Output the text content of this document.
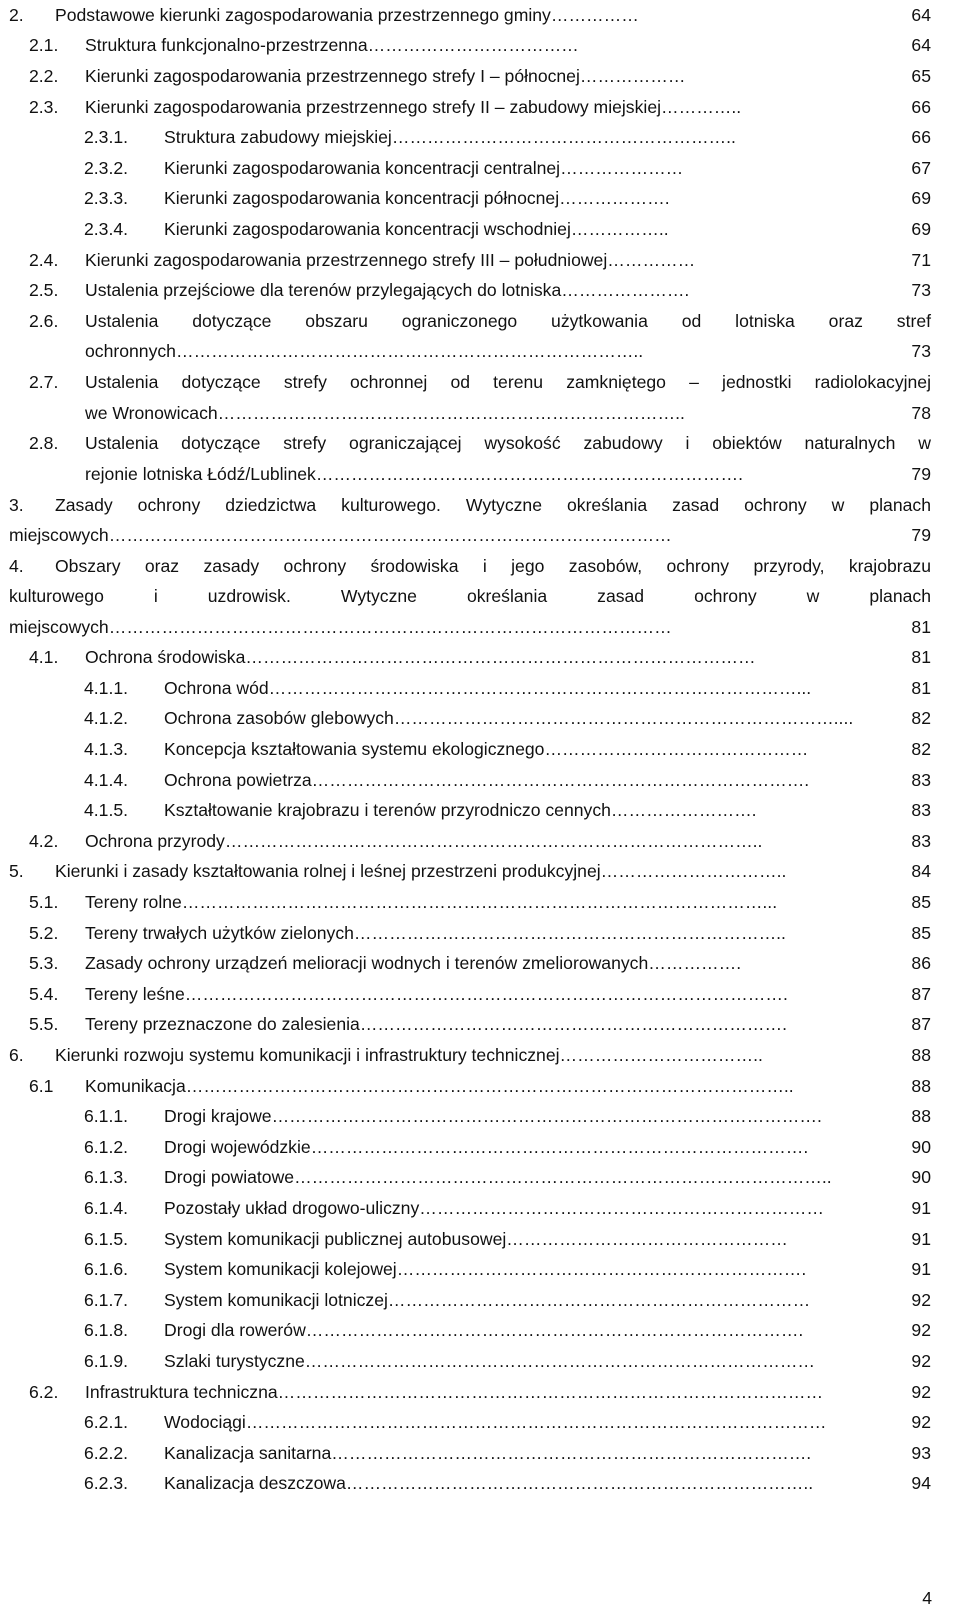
2.	Podstawowe kierunki zagospodarowania przestrzennego gminy ……………	64
2.1.	Struktura funkcjonalno-przestrzenna ………………………………	64
2.2.	Kierunki zagospodarowania przestrzennego strefy I – północnej ………………	65
2.3.	Kierunki zagospodarowania przestrzennego strefy II – zabudowy miejskiej …………..	66
2.3.1.	Struktura zabudowy miejskiej …………………………………………………..	66
2.3.2.	Kierunki zagospodarowania koncentracji centralnej …………………	67
2.3.3.	Kierunki zagospodarowania koncentracji północnej ……………….	69
2.3.4.	Kierunki zagospodarowania koncentracji wschodniej ……………..	69
2.4.	Kierunki zagospodarowania przestrzennego strefy III – południowej ……………	71
2.5.	Ustalenia przejściowe dla terenów przylegających do lotniska ………………….	73
2.6. Ustalenia dotyczące obszaru ograniczonego użytkowania od lotniska oraz stref
ochronnych ……………………………………………………………………..	73
2.7. Ustalenia dotyczące strefy ochronnej od terenu zamkniętego – jednostki radiolokacyjnej
we Wronowicach ……………………………………………………………………..	78
2.8. Ustalenia dotyczące strefy ograniczającej wysokość zabudowy i obiektów naturalnych w
rejonie lotniska Łódź/Lublinek ……………………………………………………………….	79
3. Zasady ochrony dziedzictwa kulturowego. Wytyczne określania zasad ochrony w planach
miejscowych ……………………………………………………………………………………	79
4. Obszary oraz zasady ochrony środowiska i jego zasobów, ochrony przyrody, krajobrazu
kulturowego i uzdrowisk. Wytyczne określania zasad ochrony w planach
miejscowych ……………………………………………………………………………………	81
4.1.	Ochrona środowiska ……………………………………………………………………………	81
4.1.1.	Ochrona wód ………………………………………………………………………………...	81
4.1.2.	Ochrona zasobów glebowych …………………………………………………………………....	82
4.1.3.	Koncepcja kształtowania systemu ekologicznego ………………………………………	82
4.1.4.	Ochrona powietrza ………………………………………………………………………….	83
4.1.5.	Kształtowanie krajobrazu i terenów przyrodniczo cennych …………………….	83
4.2.	Ochrona przyrody ………………………………………………………………………………..	83
5.	Kierunki i zasady kształtowania rolnej i leśnej przestrzeni produkcyjnej …………………………..	84
5.1.	Tereny rolne ………………………………………………………………………………………...	85
5.2.	Tereny trwałych użytków zielonych ………………………………………………………………..	85
5.3.	Zasady ochrony urządzeń melioracji wodnych i terenów zmeliorowanych …………….	86
5.4.	Tereny leśne ………………………………………………………………………………………….	87
5.5.	Tereny przeznaczone do zalesienia ……………………………………………………………….	87
6.	Kierunki rozwoju systemu komunikacji i infrastruktury technicznej ……………………………..	88
6.1	Komunikacja …………………………………………………………………………………………..	88
6.1.1.	Drogi krajowe ………………………………………………………………………………….	88
6.1.2.	Drogi wojewódzkie ………………………………………………………………………….	90
6.1.3.	Drogi powiatowe ………………………………………………………………………………..	90
6.1.4.	Pozostały układ drogowo-uliczny ……………………………………………………………	91
6.1.5.	System komunikacji publicznej autobusowej …………………………………………	91
6.1.6.	System komunikacji kolejowej …………………………………………………………….	91
6.1.7.	System komunikacji lotniczej ………………………………………………………………	92
6.1.8.	Drogi dla rowerów ………………………………………………………………………….	92
6.1.9.	Szlaki turystyczne ……………………………………………………………………………	92
6.2.	Infrastruktura techniczna …………………………………………………………………………………	92
6.2.1.	Wodociągi ………………………………………………………………………………………	92
6.2.2.	Kanalizacja sanitarna ……………………………………………………………………….	93
6.2.3.	Kanalizacja deszczowa ……………………………………………………………………..	94
4
